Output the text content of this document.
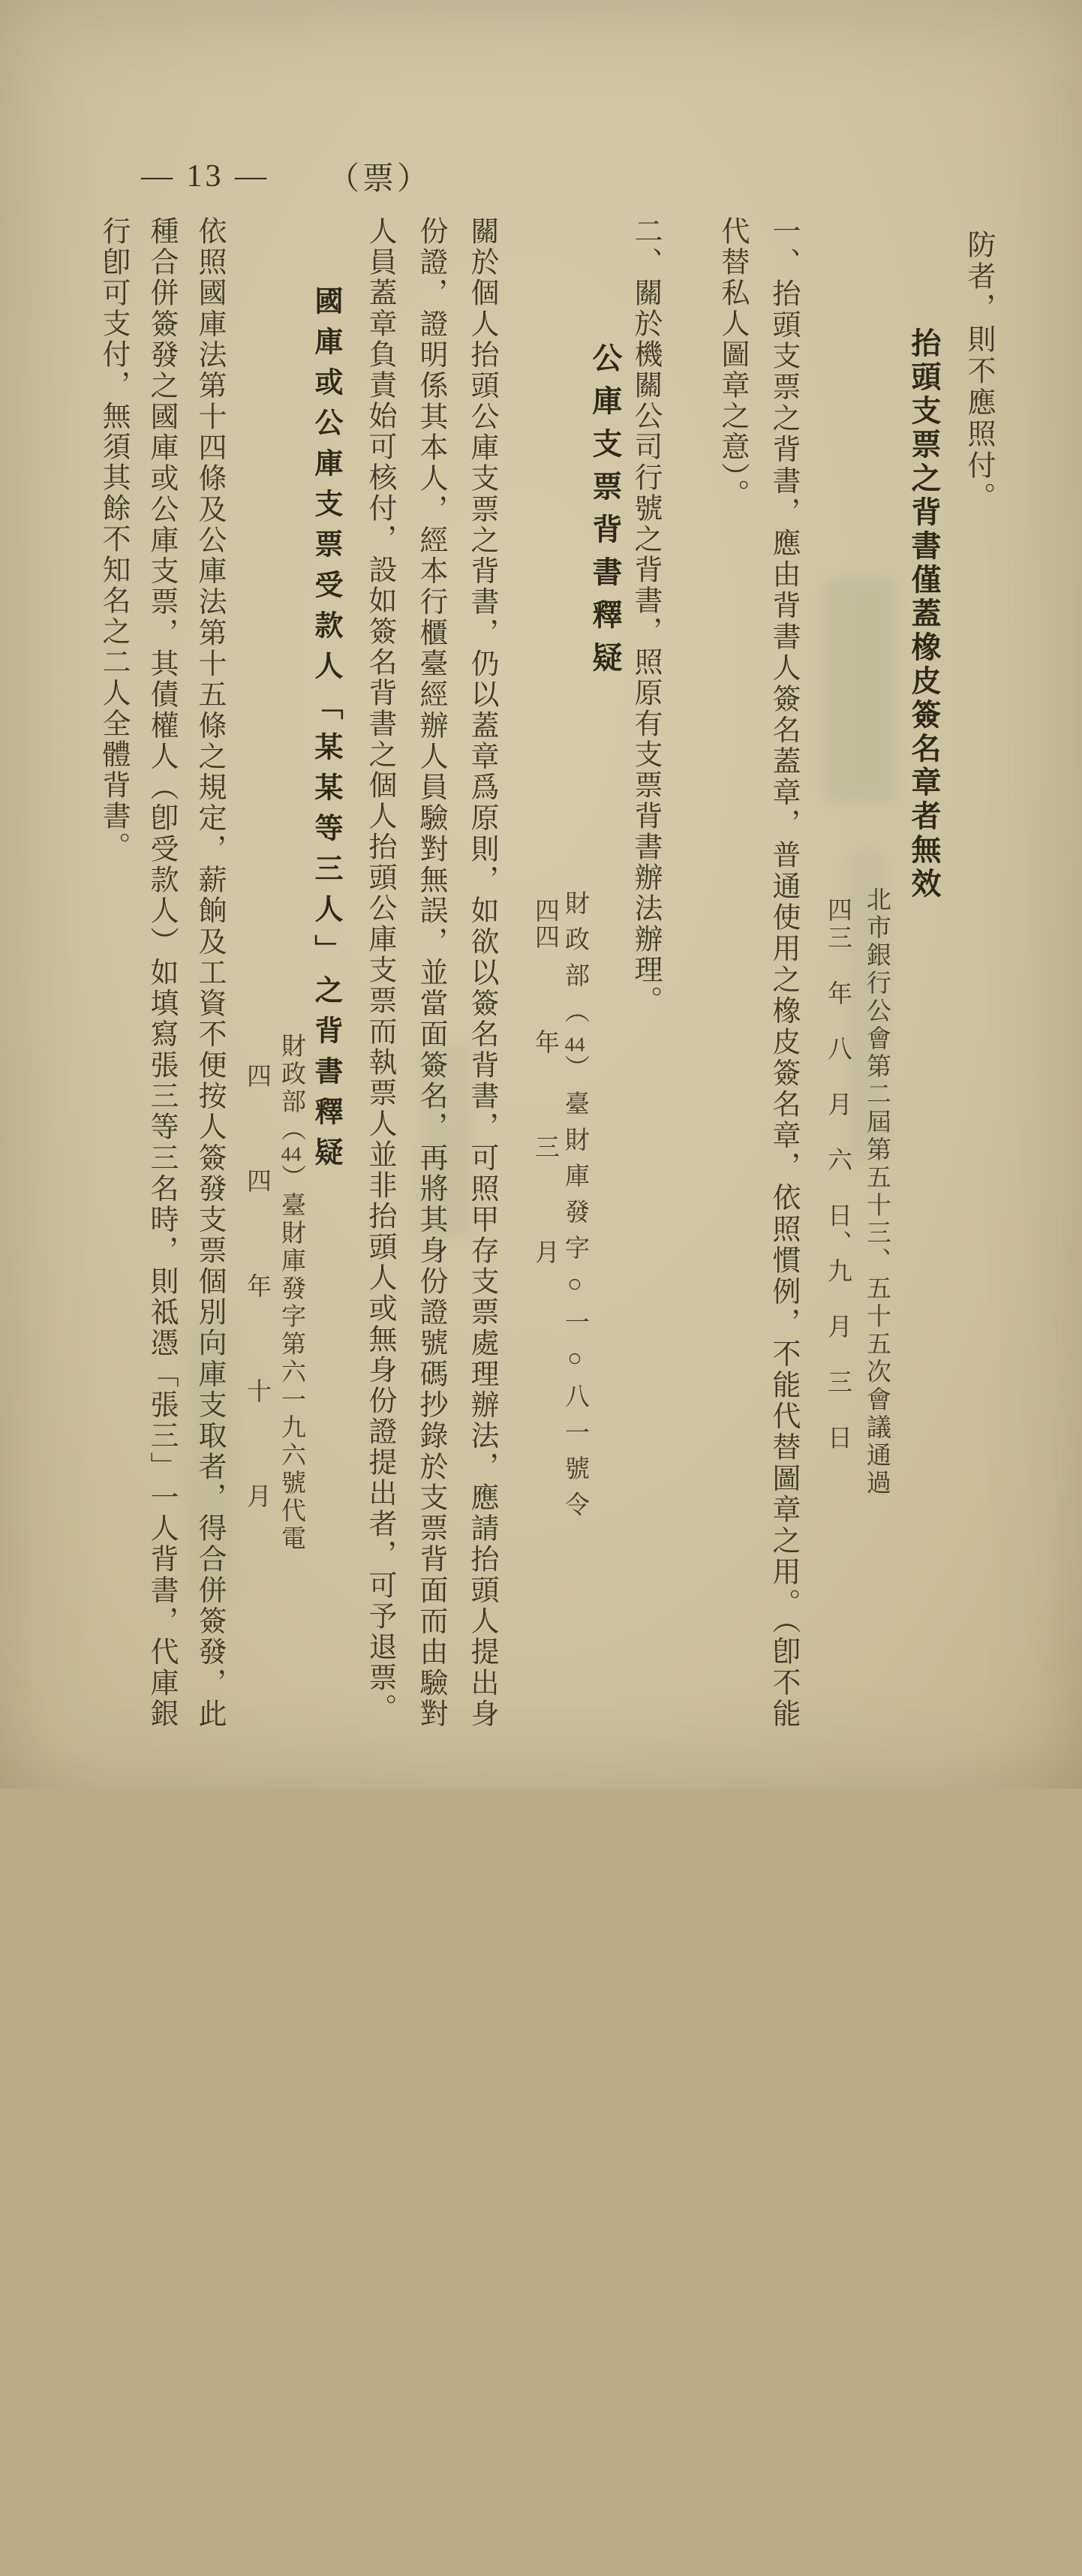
— 13 — （票）
防者，則不應照付。
抬頭支票之背書僅蓋橡皮簽名章者無效
北市銀行公會第二屆第五十三、五十五次會議通過
四三　年　八　月　六　日、九　月　三　日
一、抬頭支票之背書，應由背書人簽名蓋章，普通使用之橡皮簽名章，依照慣例，不能代替圖章之用。（卽不能代替私人圖章之意）。
二、關於機關公司行號之背書，照原有支票背書辦法辦理。
公庫支票背書釋疑
財政部（44）臺財庫發字○一○八一號令
四四　　　年　　　三　　　月
關於個人抬頭公庫支票之背書，仍以蓋章爲原則，如欲以簽名背書，可照甲存支票處理辦法，應請抬頭人提出身份證，證明係其本人，經本行櫃臺經辦人員驗對無誤，並當面簽名，再將其身份證號碼抄錄於支票背面而由驗對人員蓋章負責始可核付，設如簽名背書之個人抬頭公庫支票而執票人並非抬頭人或無身份證提出者，可予退票。
國庫或公庫支票受款人「某某等三人」之背書釋疑
財政部（44）臺財庫發字第六一九六號代電
四　　　四　　　年　　　十　　　月
依照國庫法第十四條及公庫法第十五條之規定，薪餉及工資不便按人簽發支票個別向庫支取者，得合併簽發，此種合併簽發之國庫或公庫支票，其債權人（卽受款人）如填寫張三等三名時，則祗憑「張三」一人背書，代庫銀行卽可支付，無須其餘不知名之二人全體背書。
